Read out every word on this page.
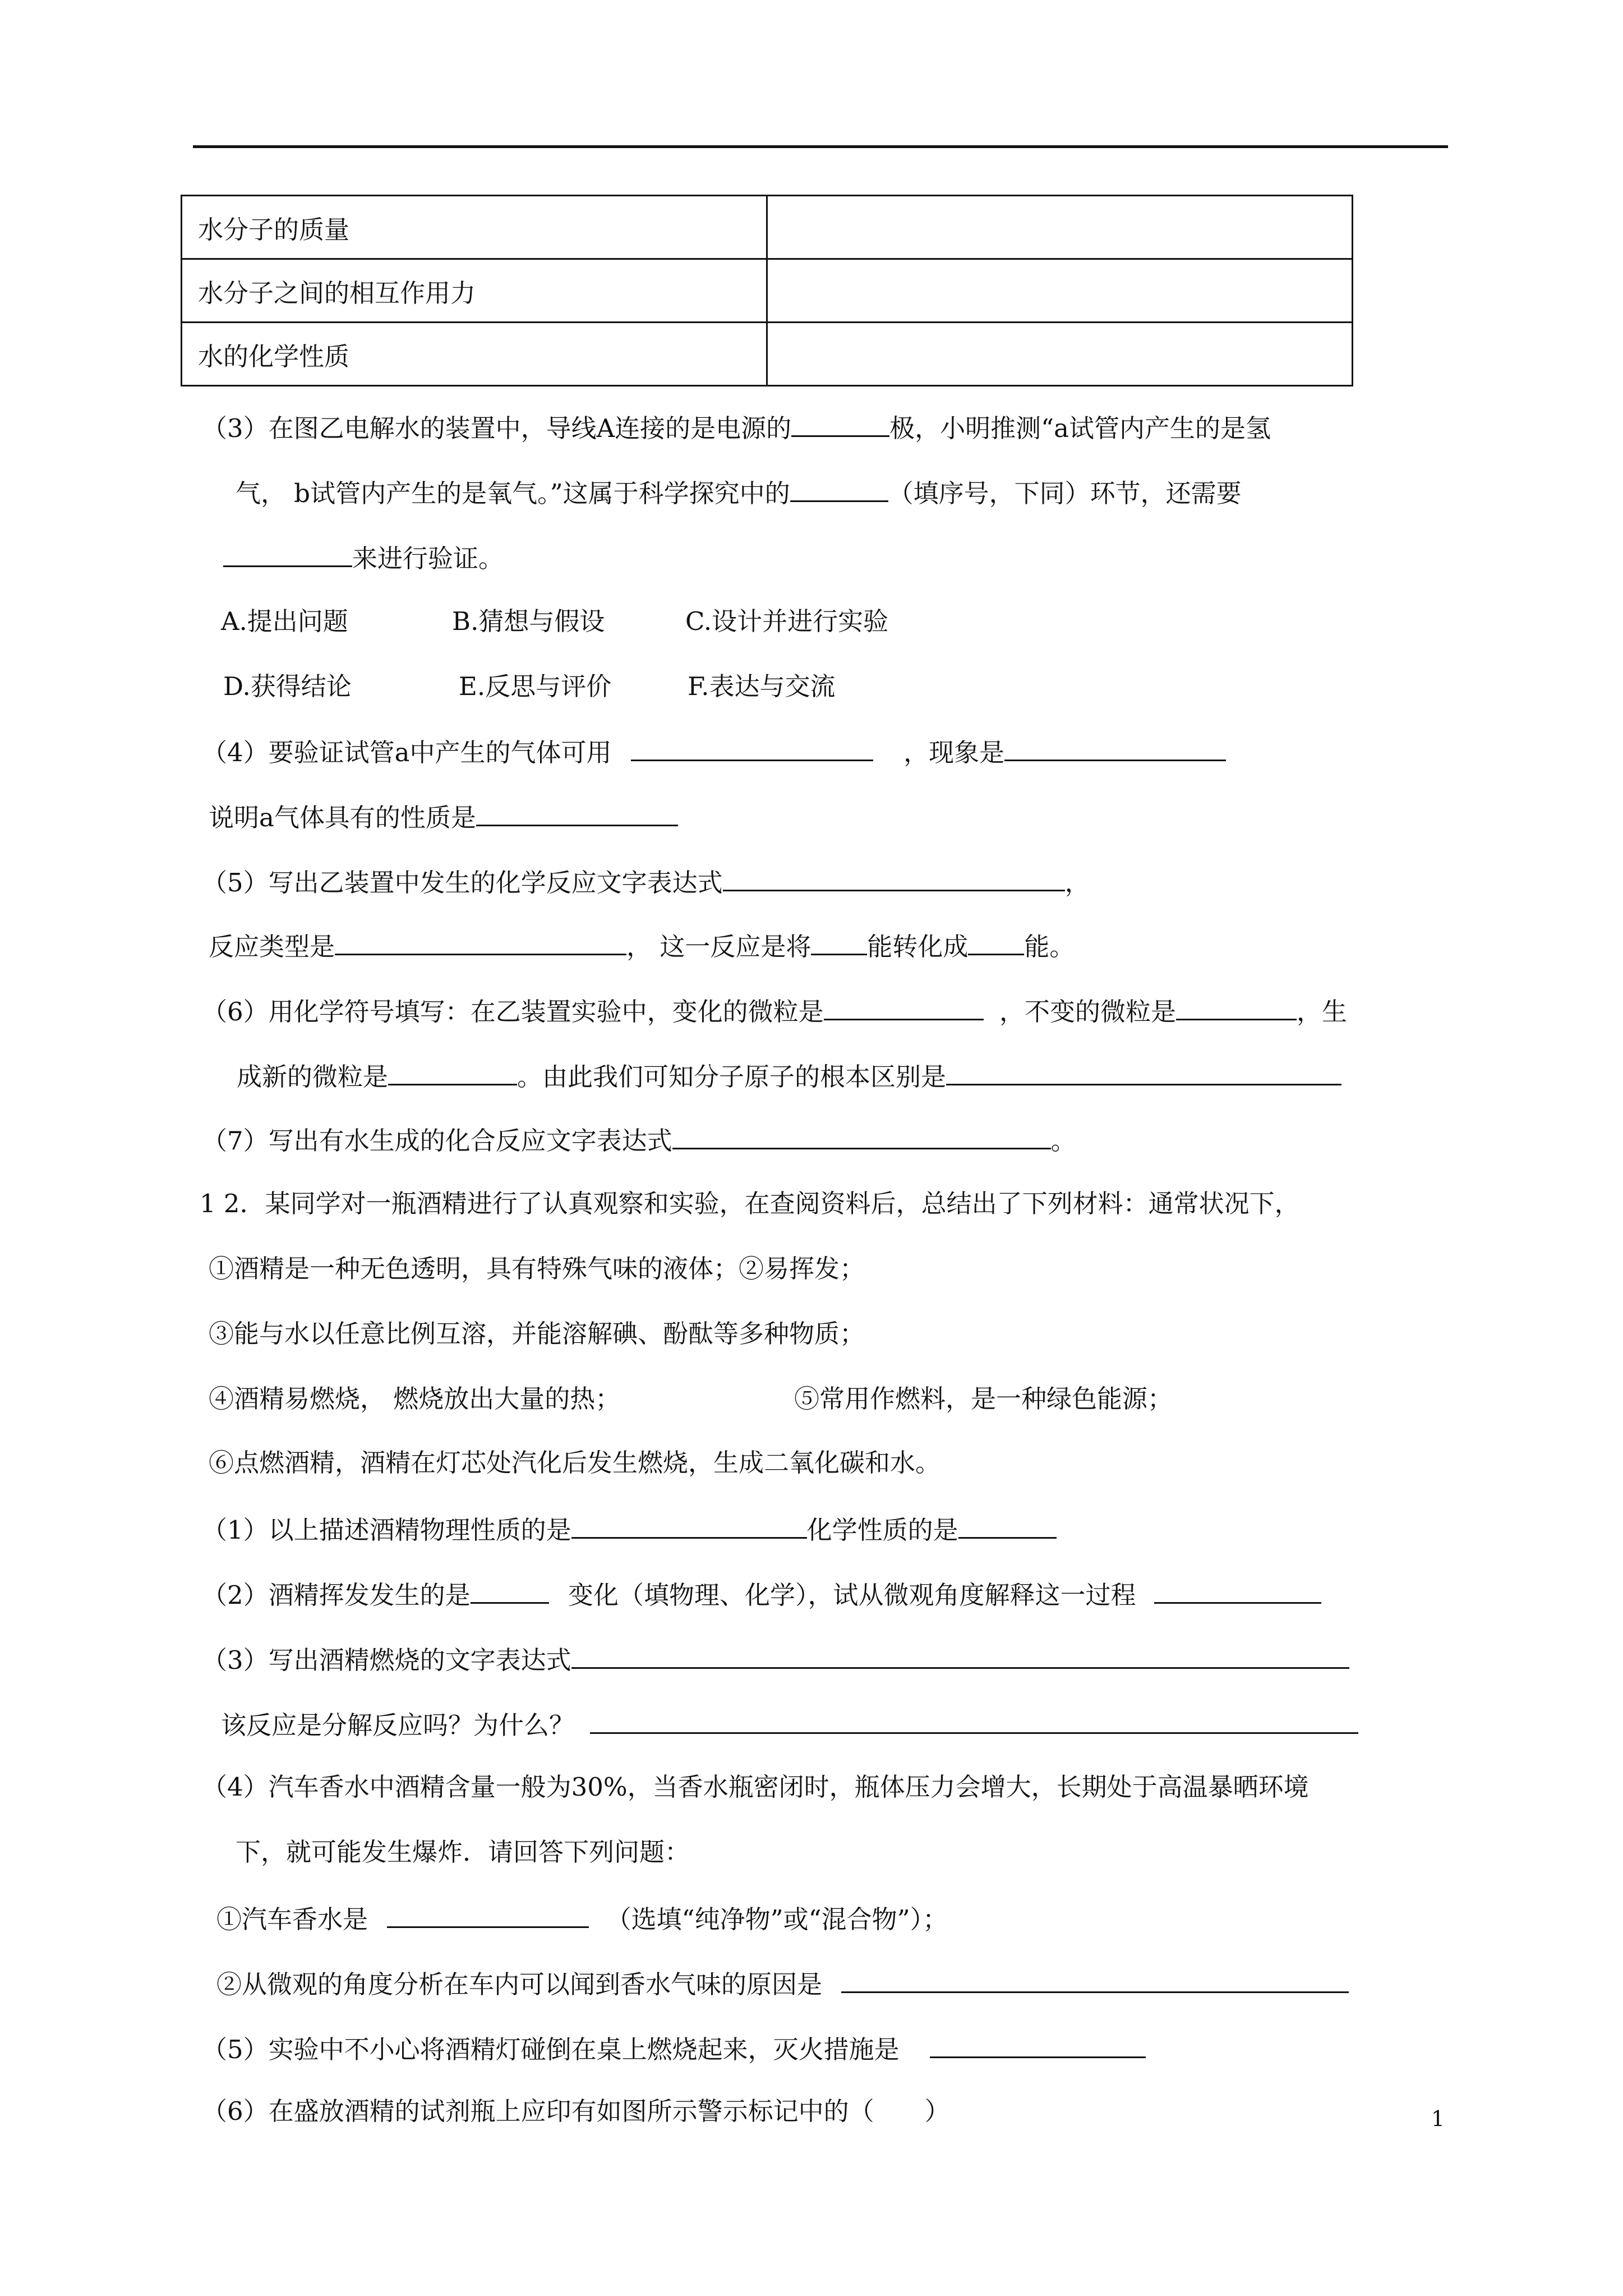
水分子的质量	
水分子之间的相互作用力	
水的化学性质	
（3）在图乙电解水的装置中，导线A连接的是电源的	极，小明推测“a试管内产生的是氢
气， b试管内产生的是氧气。”这属于科学探究中的	（填序号，下同）环节，还需要
来进行验证。
A.提出问题	B.猜想与假设	C.设计并进行实验
D.获得结论	E.反思与评价	F.表达与交流
（4）要验证试管a中产生的气体可用	，现象是
说明a气体具有的性质是
（5）写出乙装置中发生的化学反应文字表达式	，
反应类型是	， 这一反应是将 能转化成 能。
（6）用化学符号填写：在乙装置实验中，变化的微粒是	，不变的微粒是	，生
成新的微粒是	。由此我们可知分子原子的根本区别是
（7）写出有水生成的化合反应文字表达式	。
1 2．某同学对一瓶酒精进行了认真观察和实验，在查阅资料后，总结出了下列材料：通常状况下，
①酒精是一种无色透明，具有特殊气味的液体；②易挥发；
③能与水以任意比例互溶，并能溶解碘、酚酞等多种物质；
④酒精易燃烧， 燃烧放出大量的热；	⑤常用作燃料，是一种绿色能源；
⑥点燃酒精，酒精在灯芯处汽化后发生燃烧，生成二氧化碳和水。
（1）以上描述酒精物理性质的是	化学性质的是
（2）酒精挥发发生的是	变化（填物理、化学），试从微观角度解释这一过程
（3）写出酒精燃烧的文字表达式
该反应是分解反应吗？为什么？
（4）汽车香水中酒精含量一般为30%，当香水瓶密闭时，瓶体压力会增大，长期处于高温暴晒环境
下，就可能发生爆炸．请回答下列问题：
①汽车香水是	（选填“纯净物”或“混合物”）；
②从微观的角度分析在车内可以闻到香水气味的原因是
（5）实验中不小心将酒精灯碰倒在桌上燃烧起来，灭火措施是
（6）在盛放酒精的试剂瓶上应印有如图所示警示标记中的（　　）	1
